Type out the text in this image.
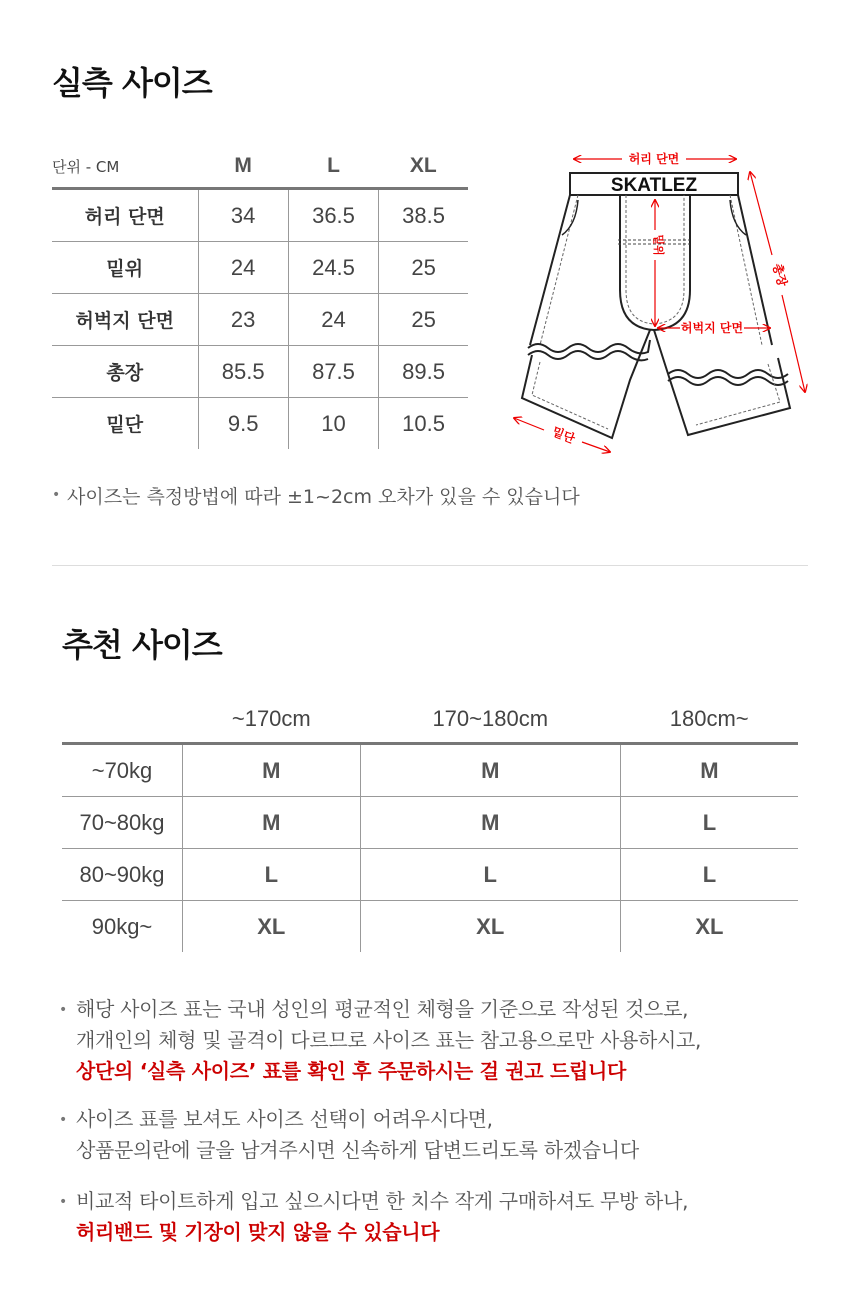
실측 사이즈
단위 - CM	M	L	XL
허리 단면	34	36.5	38.5
밑위	24	24.5	25
허벅지 단면	23	24	25
총장	85.5	87.5	89.5
밑단	9.5	10	10.5
SKATLEZ
허리 단면
밑위
허벅지 단면
총장
밑단
• 사이즈는 측정방법에 따라 ±1~2cm 오차가 있을 수 있습니다
추천 사이즈
	~170cm	170~180cm	180cm~
~70kg	M	M	M
70~80kg	M	M	L
80~90kg	L	L	L
90kg~	XL	XL	XL
• 해당 사이즈 표는 국내 성인의 평균적인 체형을 기준으로 작성된 것으로,
개개인의 체형 및 골격이 다르므로 사이즈 표는 참고용으로만 사용하시고,
상단의 ‘실측 사이즈’ 표를 확인 후 주문하시는 걸 권고 드립니다
• 사이즈 표를 보셔도 사이즈 선택이 어려우시다면,
상품문의란에 글을 남겨주시면 신속하게 답변드리도록 하겠습니다
• 비교적 타이트하게 입고 싶으시다면 한 치수 작게 구매하셔도 무방 하나,
허리밴드 및 기장이 맞지 않을 수 있습니다
